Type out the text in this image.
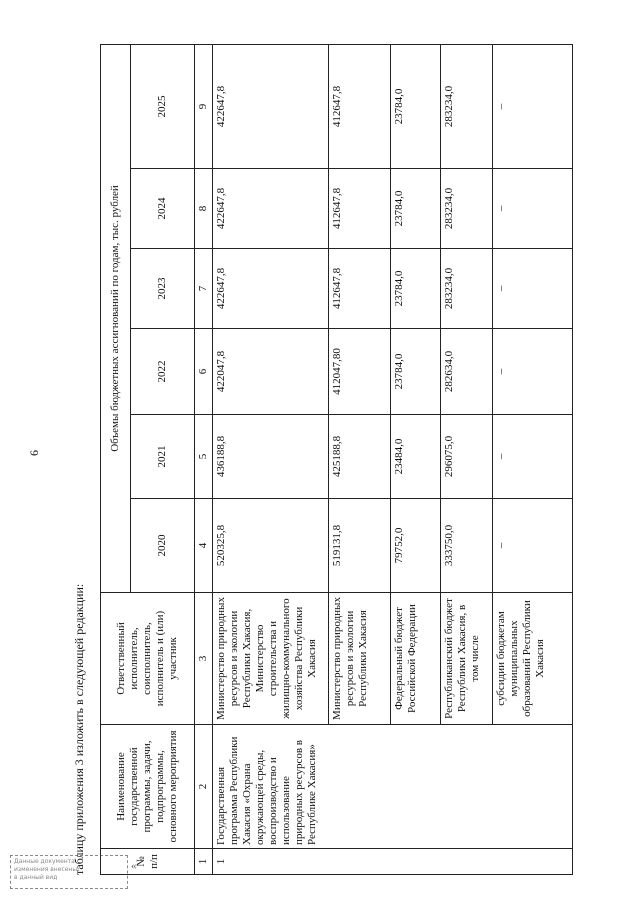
6

Данные документа
изменения внесены
в данный вид
«

таблицу приложения 3 изложить в следующей редакции:	№ п/п	Наименование государственной программы, задачи, подпрограммы, основного мероприятия	Ответственный исполнитель, соисполнитель, исполнитель и (или) участник	Объемы бюджетных ассигнований по годам, тыс. рублей					
			2020	2021	2022	2023	2024	2025
1	2	3	4	5	6	7	8	9
1	Государственная программа Республики Хакасия «Охрана окружающей среды, воспроизводство и использование природных ресурсов в Республике Хакасия»	Министерство природных ресурсов и экологии Республики Хакасия, Министерство строительства и жилищно-коммунального хозяйства Республики Хакасия	520325,8	436188,8	422047,8	422647,8	422647,8	422647,8
		Министерство природных ресурсов и экологии Республики Хакасия	519131,8	425188,8	412047,80	412647,8	412647,8	412647,8
		Федеральный бюджет Российской Федерации	79752,0	23484,0	23784,0	23784,0	23784,0	23784,0
		Республиканский бюджет Республики Хакасия, в том числе	333750,0	296075,0	282634,0	283234,0	283234,0	283234,0
		субсидии бюджетам муниципальных образований Республики Хакасия	–	–	–	–	–	–
